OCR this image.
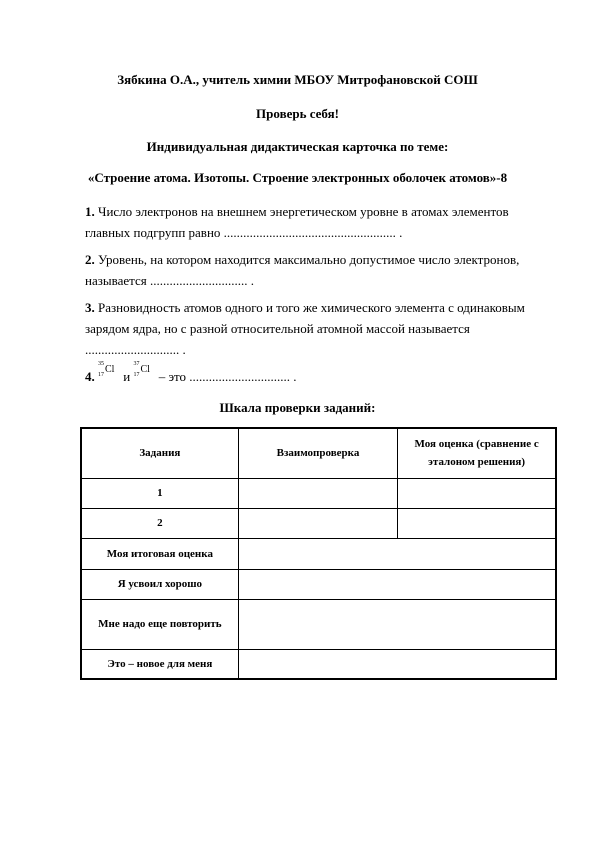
Зябкина О.А., учитель химии МБОУ Митрофановской СОШ
Проверь себя!
Индивидуальная дидактическая карточка по теме:
«Строение атома. Изотопы. Строение электронных оболочек атомов»-8
1. Число электронов на внешнем энергетическом уровне в атомах элементов главных подгрупп равно ..................................................... .
2. Уровень, на котором находится максимально допустимое число электронов, называется .............................. .
3. Разновидность атомов одного и того же химического элемента с одинаковым зарядом ядра, но с разной относительной атомной массой называется ............................. .
4.
35
17 Cl и
37
17 Cl – это ............................... .
Шкала проверки заданий:
Задания	Взаимопроверка	Моя оценка (сравнение с эталоном решения)
1		
2		
Моя итоговая оценка		
Я усвоил хорошо		
Мне надо еще повторить		
Это – новое для меня		
